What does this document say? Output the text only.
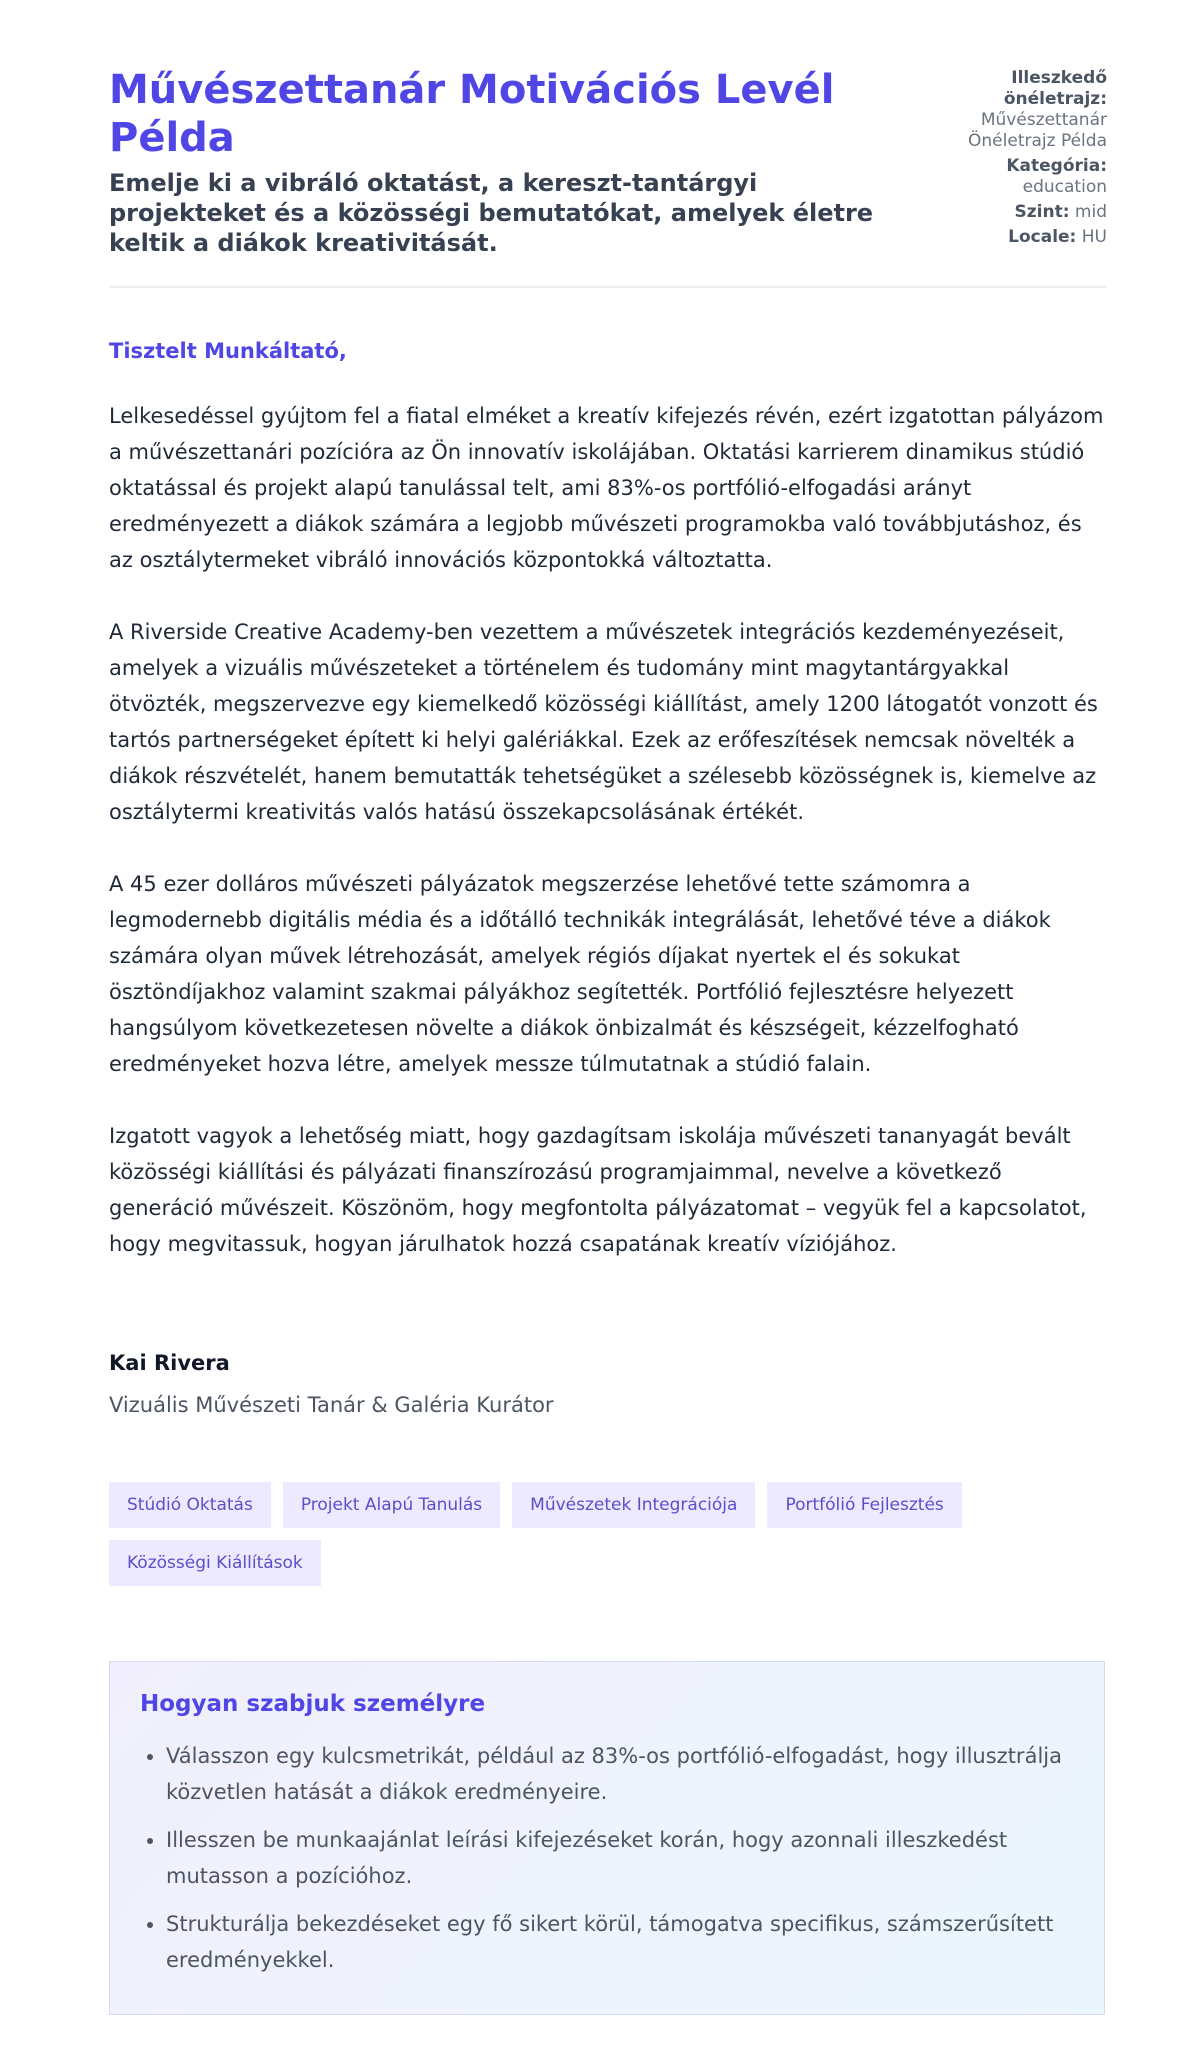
Művészettanár Motivációs Levél Példa
Emelje ki a vibráló oktatást, a kereszt-tantárgyi projekteket és a közösségi bemutatókat, amelyek életre keltik a diákok kreativitását.
Illeszkedő önéletrajz:
Művészettanár Önéletrajz Példa
Kategória:
education
Szint: mid
Locale: HU

Tisztelt Munkáltató,

Lelkesedéssel gyújtom fel a fiatal elméket a kreatív kifejezés révén, ezért izgatottan pályázom a művészettanári pozícióra az Ön innovatív iskolájában. Oktatási karrierem dinamikus stúdió oktatással és projekt alapú tanulással telt, ami 83%-os portfólió-elfogadási arányt eredményezett a diákok számára a legjobb művészeti programokba való továbbjutáshoz, és az osztálytermeket vibráló innovációs központokká változtatta.

A Riverside Creative Academy-ben vezettem a művészetek integrációs kezdeményezéseit, amelyek a vizuális művészeteket a történelem és tudomány mint magytantárgyakkal ötvözték, megszervezve egy kiemelkedő közösségi kiállítást, amely 1200 látogatót vonzott és tartós partnerségeket épített ki helyi galériákkal. Ezek az erőfeszítések nemcsak növelték a diákok részvételét, hanem bemutatták tehetségüket a szélesebb közösségnek is, kiemelve az osztálytermi kreativitás valós hatású összekapcsolásának értékét.

A 45 ezer dolláros művészeti pályázatok megszerzése lehetővé tette számomra a legmodernebb digitális média és a időtálló technikák integrálását, lehetővé téve a diákok számára olyan művek létrehozását, amelyek régiós díjakat nyertek el és sokukat ösztöndíjakhoz valamint szakmai pályákhoz segítették. Portfólió fejlesztésre helyezett hangsúlyom következetesen növelte a diákok önbizalmát és készségeit, kézzelfogható eredményeket hozva létre, amelyek messze túlmutatnak a stúdió falain.

Izgatott vagyok a lehetőség miatt, hogy gazdagítsam iskolája művészeti tananyagát bevált közösségi kiállítási és pályázati finanszírozású programjaimmal, nevelve a következő generáció művészeit. Köszönöm, hogy megfontolta pályázatomat – vegyük fel a kapcsolatot, hogy megvitassuk, hogyan járulhatok hozzá csapatának kreatív víziójához.

Kai Rivera

Vizuális Művészeti Tanár & Galéria Kurátor

Stúdió Oktatás	Projekt Alapú Tanulás	Művészetek Integrációja	Portfólió Fejlesztés
Közösségi Kiállítások
Hogyan szabjuk személyre
• Válasszon egy kulcsmetrikát, például az 83%-os portfólió-elfogadást, hogy illusztrálja közvetlen hatását a diákok eredményeire.
• Illesszen be munkaajánlat leírási kifejezéseket korán, hogy azonnali illeszkedést mutasson a pozícióhoz.
• Strukturálja bekezdéseket egy fő sikert körül, támogatva specifikus, számszerűsített eredményekkel.
